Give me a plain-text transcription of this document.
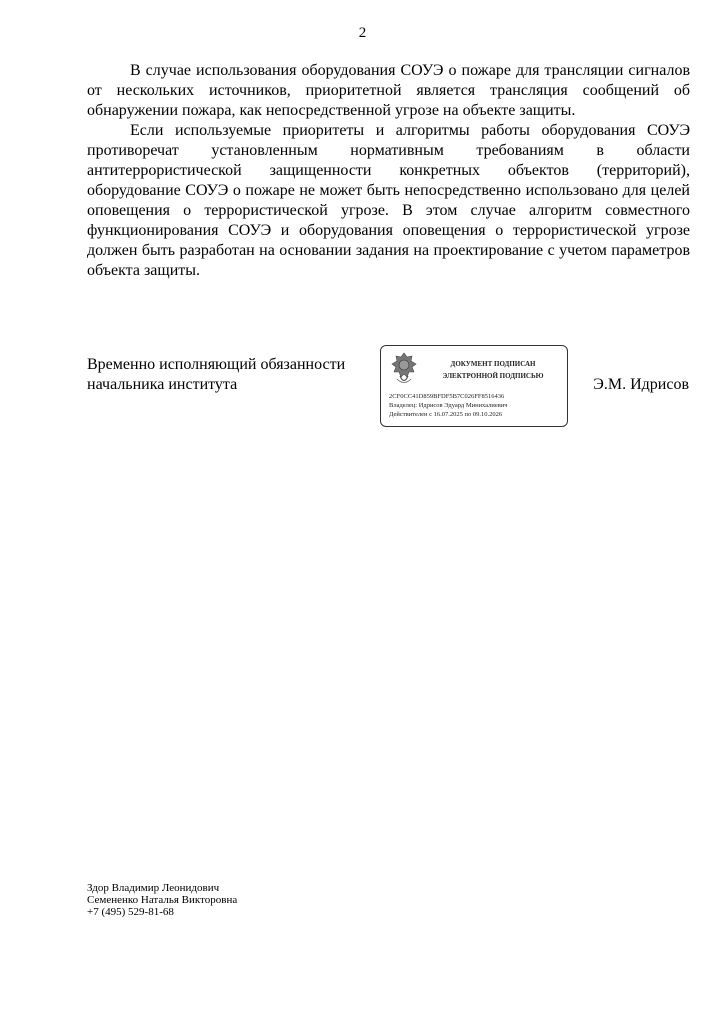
2

В случае использования оборудования СОУЭ о пожаре для трансляции сигналов от нескольких источников, приоритетной является трансляция сообщений об обнаружении пожара, как непосредственной угрозе на объекте защиты.

Если используемые приоритеты и алгоритмы работы оборудования СОУЭ противоречат установленным нормативным требованиям в области антитеррористической защищенности конкретных объектов (территорий), оборудование СОУЭ о пожаре не может быть непосредственно использовано для целей оповещения о террористической угрозе. В этом случае алгоритм совместного функционирования СОУЭ и оборудования оповещения о террористической угрозе должен быть разработан на основании задания на проектирование с учетом параметров объекта защиты.

Временно исполняющий обязанности
начальника института
ДОКУМЕНТ ПОДПИСАН
ЭЛЕКТРОННОЙ ПОДПИСЬЮ
2CF0CC41D859BFDF5B7C026FF8516436
Владелец: Идрисов Эдуард Минихалиевич
Действителен с 16.07.2025 по 09.10.2026
Э.М. Идрисов
Здор Владимир Леонидович
Семененко Наталья Викторовна
+7 (495) 529-81-68
